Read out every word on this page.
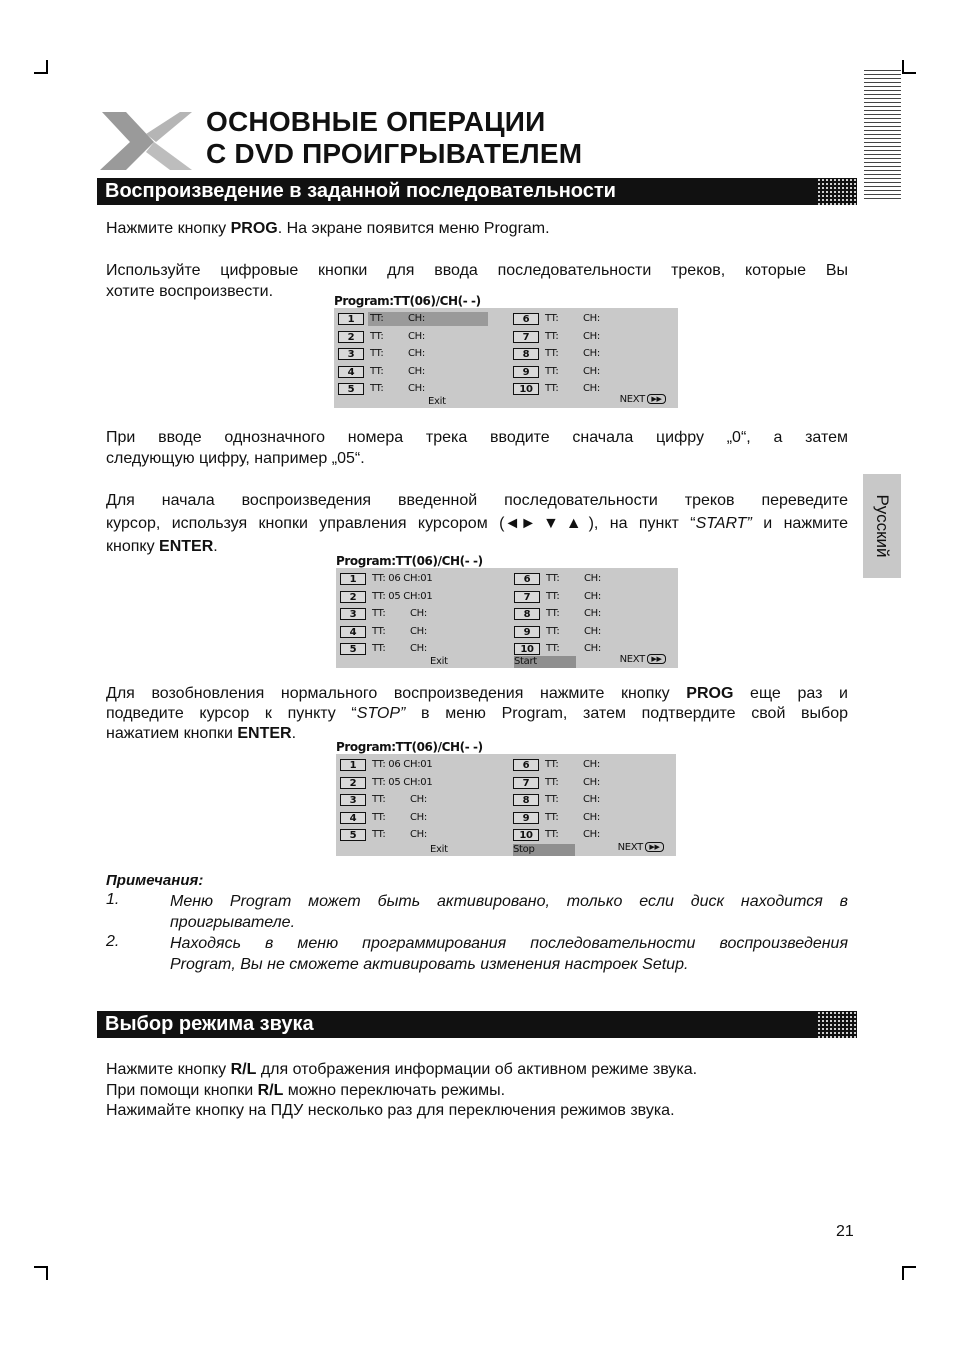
ОСНОВНЫЕ ОПЕРАЦИИ
С DVD ПРОИГРЫВАТЕЛЕМ
Русский
Воспроизведение в заданной последовательности
Нажмите кнопку PROG. На экране появится меню Program.
Используйте цифровые кнопки для ввода последовательности треков, которые Вы
хотите воспроизвести.
Program:TT(06)/CH(- -)
1	TT: CH:
2	TT: CH:
3	TT: CH:
4	TT: CH:
5	TT: CH:
6	TT: CH:
7	TT: CH:
8	TT: CH:
9	TT: CH:
10	TT: CH:
Exit	NEXT ▶▶
При вводе однозначного номера трека вводите сначала цифру „0“, а затем
следующую цифру, например „05“.
Для начала воспроизведения введенной последовательности треков переведите
курсор, используя кнопки управления курсором (◄►▼▲), на пункт “START” и нажмите
кнопку ENTER.
Program:TT(06)/CH(- -)
1	TT: 06 CH:01
2	TT: 05 CH:01
3	TT: CH:
4	TT: CH:
5	TT: CH:
6	TT: CH:
7	TT: CH:
8	TT: CH:
9	TT: CH:
10	TT: CH:
Exit	Start	NEXT ▶▶
Для возобновления нормального воспроизведения нажмите кнопку PROG еще раз и
подведите курсор к пункту “STOP” в меню Program, затем подтвердите свой выбор
нажатием кнопки ENTER.
Program:TT(06)/CH(- -)
1	TT: 06 CH:01
2	TT: 05 CH:01
3	TT: CH:
4	TT: CH:
5	TT: CH:
6	TT: CH:
7	TT: CH:
8	TT: CH:
9	TT: CH:
10	TT: CH:
Exit	Stop	NEXT ▶▶
Примечания:
1.	Меню Program может быть активировано, только если диск находится в
проигрывателе.
2.	Находясь в меню программирования последовательности воспроизведения
Program, Вы не сможете активировать изменения настроек Setup.
Выбор режима звука
Нажмите кнопку R/L для отображения информации об активном режиме звука.
При помощи кнопки R/L можно переключать режимы.
Нажимайте кнопку на ПДУ несколько раз для переключения режимов звука.
21
